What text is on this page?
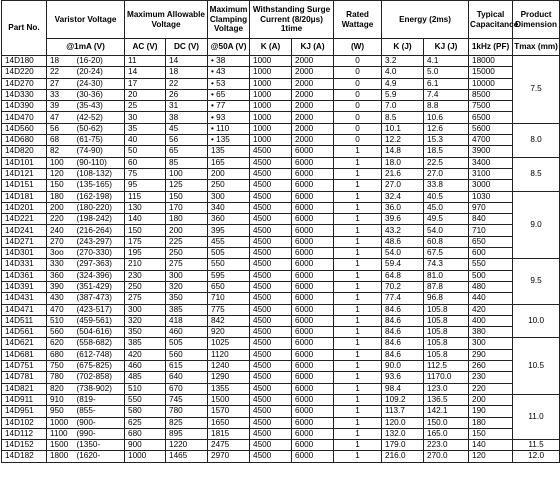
Part No.	Varistor Voltage		Maximum Allowable Voltage		Maximum Clamping Voltage	Withstanding Surge Current (8/20μs) 1time		Rated Wattage	Energy (2ms)		Typical Capacitance	Product Dimension
	@1mA (V)		AC (V)	DC (V)	@50A (V)	K (A)	KJ (A)	(W)	K (J)	KJ (J)	1kHz (PF)	Tmax (mm)
14D180	18	(16-20)	11	14	• 38	1000	2000	0	3.2	4.1	18000	7.5
14D220	22	(20-24)	14	18	• 43	1000	2000	0	4.0	5.0	15000	
14D270	27	(24-30)	17	22	• 53	1000	2000	0	4.9	6.1	10000	
14D330	33	(30-36)	20	26	• 65	1000	2000	0	5.9	7.4	8500	
14D390	39	(35-43)	25	31	• 77	1000	2000	0	7.0	8.8	7500	
14D470	47	(42-52)	30	38	• 93	1000	2000	0	8.5	10.6	6500	
14D560	56	(50-62)	35	45	• 110	1000	2000	0	10.1	12.6	5600	8.0
14D680	68	(61-75)	40	56	• 135	1000	2000	0	12.2	15.3	4700	
14D820	82	(74-90)	50	65	135	4500	6000	1	14.8	18.5	3900	
14D101	100	(90-110)	60	85	165	4500	6000	1	18.0	22.5	3400	8.5
14D121	120	(108-132)	75	100	200	4500	6000	1	21.6	27.0	3100	
14D151	150	(135-165)	95	125	250	4500	6000	1	27.0	33.8	3000	
14D181	180	(162-198)	115	150	300	4500	6000	1	32.4	40.5	1030	9.0
14D201	200	(180-220)	130	170	340	4500	6000	1	36.0	45.0	970	
14D221	220	(198-242)	140	180	360	4500	6000	1	39.6	49.5	840	
14D241	240	(216-264)	150	200	395	4500	6000	1	43.2	54.0	710	
14D271	270	(243-297)	175	225	455	4500	6000	1	48.6	60.8	650	
14D301	3oo	(270-330)	195	250	505	4500	6000	1	54.0	67.5	600	
14D331	330	(297-363)	210	275	550	4500	6000	1	59.4	74.3	550	9.5
14D361	360	(324-396)	230	300	595	4500	6000	1	64.8	81.0	500	
14D391	390	(351-429)	250	320	650	4500	6000	1	70.2	87.8	480	
14D431	430	(387-473)	275	350	710	4500	6000	1	77.4	96.8	440	
14D471	470	(423-517)	300	385	775	4500	6000	1	84.6	105.8	420	10.0
14D511	510	(459-561)	320	418	842	4500	6000	1	84.6	105.8	400	
14D561	560	(504-616)	350	460	920	4500	6000	1	84.6	105.8	380	
14D621	620	(558-682)	385	505	1025	4500	6000	1	84.6	105.8	300	10.5
14D681	680	(612-748)	420	560	1120	4500	6000	1	84.6	105.8	290	
14D751	750	(675-825)	460	615	1240	4500	6000	1	90.0	112.5	260	
14D781	780	(702-858)	485	640	1290	4500	6000	1	93.6	1170.0	230	
14D821	820	(738-902)	510	670	1355	4500	6000	1	98.4	123.0	220	
14D911	910	(819-	550	745	1500	4500	6000	1	109.2	136.5	200	11.0
14D951	950	(855-	580	780	1570	4500	6000	1	113.7	142.1	190	
14D102	1000	(900-	625	825	1650	4500	6000	1	120.0	150.0	180	
14D112	1100	(990-	680	895	1815	4500	6000	1	132.0	165.0	150	
14D152	1500	(1350-	900	1220	2475	4500	6000	1	179.0	223.0	140	11.5
14D182	1800	(1620-	1000	1465	2970	4500	6000	1	216.0	270.0	120	12.0
